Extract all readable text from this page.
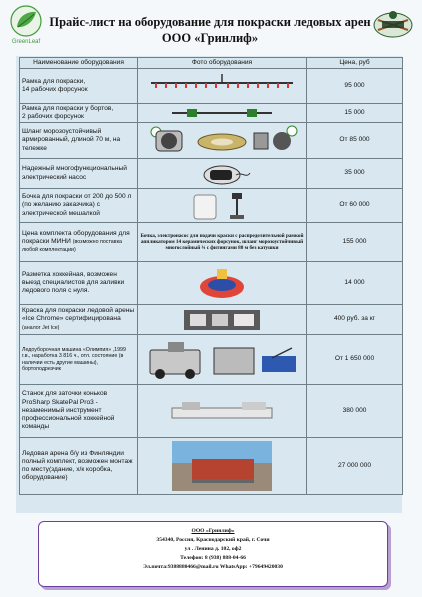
GreenLeaf
Прайс-лист на оборудование для покраски ледовых арен
ООО «Гринлиф»
Наименование оборудования	Фото оборудования	Цена, руб
Рамка для покраски,
14 рабочих форсунок		95 000
Рамка для покраски у бортов,
2 рабочих форсунок		15 000
Шланг морозоустойчивый армированный, длиной 70 м, на тележке		От 85 000
Надежный многофункциональный электрический насос		35 000
Бочка для покраски от 200 до 500 л (по желанию заказчика) с электрической мешалкой		От 60 000
Цена комплекта оборудования для покраски МИНИ (возможно поставка любой комплектации)	Бочка, электронасос для подачи краски с распределительной рамкой аппликатором 14 керамических форсунок, шланг морозоустойчивый многослойный ¾ с фитингами 80 м без катушки	155 000
Разметка хоккейная, возможен выезд специалистов для заливки ледового поля с нуля.		14 000
Краска для покраски ледовой арены «Ice Chrome» сертифицирована (аналог Jet Ice)		400 руб. за кг
Ледоуборочная машина «Олимпия» ,1999 г.в., наработка 3 816 ч., отл. состояние (в наличии есть другие машины), бортоподрезчик		От 1 650 000
Станок для заточки коньков ProSharp SkatePal Pro3 - незаменимый инструмент профессиональной хоккейной команды		380 000
Ледовая арена б/у из Финляндии полный комплект, возможен монтаж по месту(здание, х/к коробка, оборудование)		27 000 000
ООО «Гринлиф»
354340, Россия, Краснодарский край, г. Сочи
ул . Ленина д. 102, оф2
Телефон: 8 (938) 888-04-66
Эл.почта:9388880466@mail.ru WhatsApp: +79649420030
